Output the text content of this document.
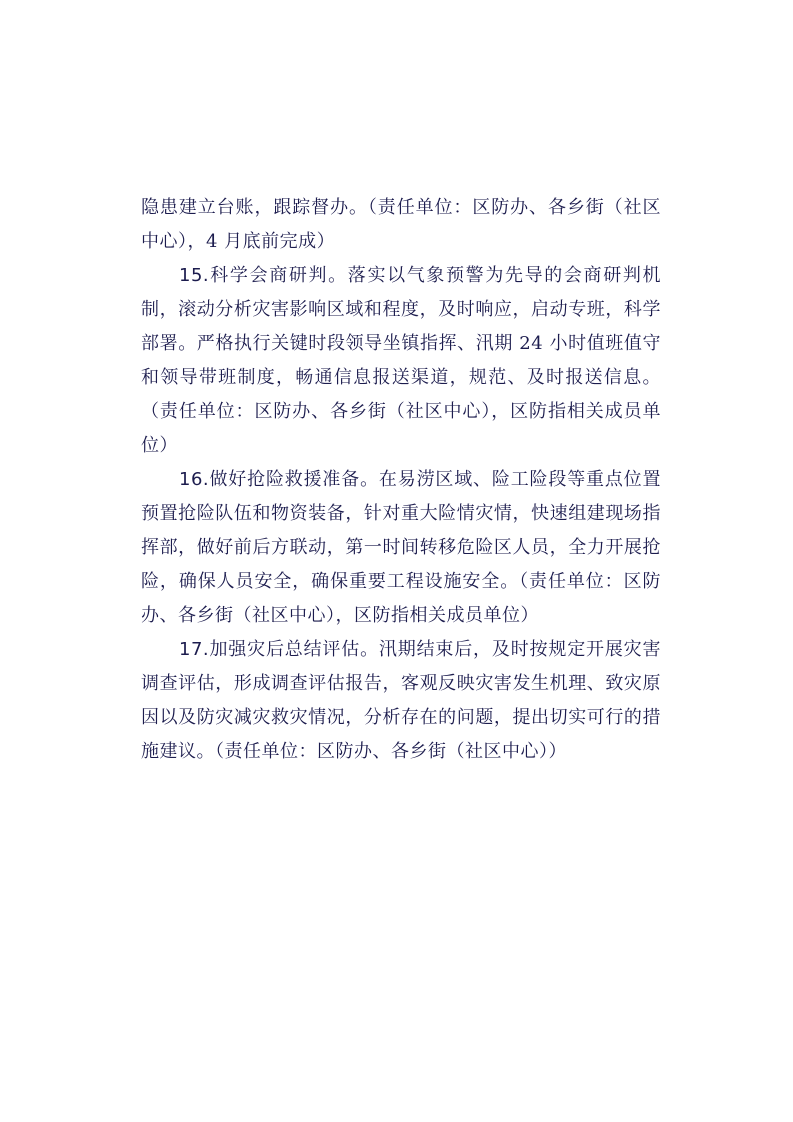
隐患建立台账，跟踪督办。（责任单位：区防办、各乡街（社区中心），4 月底前完成）

15.科学会商研判。落实以气象预警为先导的会商研判机制，滚动分析灾害影响区域和程度，及时响应，启动专班，科学部署。严格执行关键时段领导坐镇指挥、汛期 24 小时值班值守和领导带班制度，畅通信息报送渠道，规范、及时报送信息。（责任单位：区防办、各乡街（社区中心），区防指相关成员单位）

16.做好抢险救援准备。在易涝区域、险工险段等重点位置预置抢险队伍和物资装备，针对重大险情灾情，快速组建现场指挥部，做好前后方联动，第一时间转移危险区人员，全力开展抢险，确保人员安全，确保重要工程设施安全。（责任单位：区防办、各乡街（社区中心），区防指相关成员单位）

17.加强灾后总结评估。汛期结束后，及时按规定开展灾害调查评估，形成调查评估报告，客观反映灾害发生机理、致灾原因以及防灾减灾救灾情况，分析存在的问题，提出切实可行的措施建议。（责任单位：区防办、各乡街（社区中心））
